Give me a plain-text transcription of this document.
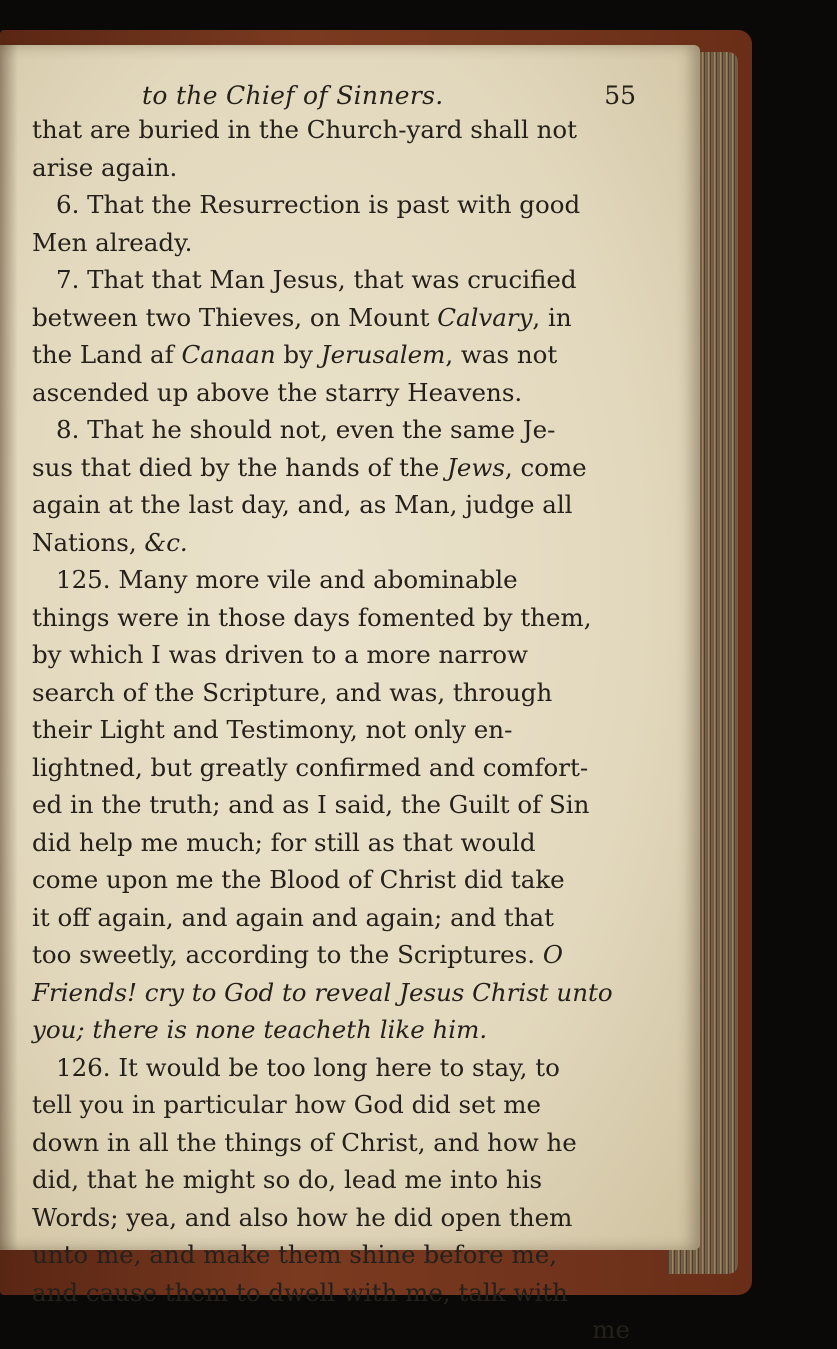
to the Chief of Sinners.	55
that are buried in the Church-yard shall not
arise again.
6. That the Resurrection is past with good
Men already.
7. That that Man Jesus, that was crucified
between two Thieves, on Mount Calvary, in
the Land af Canaan by Jerusalem, was not
ascended up above the starry Heavens.
8. That he should not, even the same Je-
sus that died by the hands of the Jews, come
again at the last day, and, as Man, judge all
Nations, &c.
125. Many more vile and abominable
things were in those days fomented by them,
by which I was driven to a more narrow
search of the Scripture, and was, through
their Light and Testimony, not only en-
lightned, but greatly confirmed and comfort-
ed in the truth; and as I said, the Guilt of Sin
did help me much; for still as that would
come upon me the Blood of Christ did take
it off again, and again and again; and that
too sweetly, according to the Scriptures. O
Friends! cry to God to reveal Jesus Christ unto
you; there is none teacheth like him.
126. It would be too long here to stay, to
tell you in particular how God did set me
down in all the things of Christ, and how he
did, that he might so do, lead me into his
Words; yea, and also how he did open them
unto me, and make them shine before me,
and cause them to dwell with me, talk with
me
